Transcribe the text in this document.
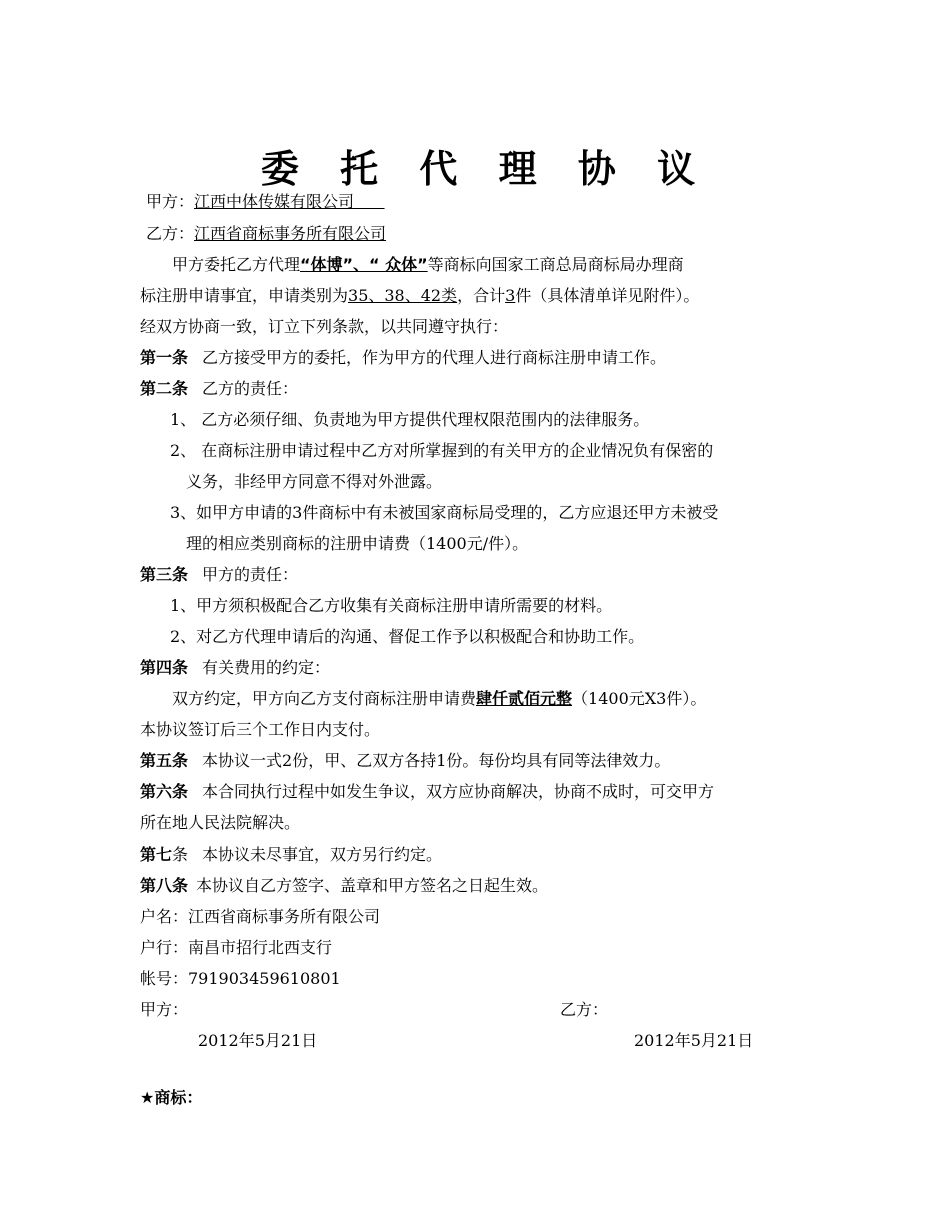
委 托 代 理 协 议
甲方：江西中体传媒有限公司
乙方：江西省商标事务所有限公司
甲方委托乙方代理“体博”、“ 众体”等商标向国家工商总局商标局办理商
标注册申请事宜，申请类别为35、38、42类，合计3件（具体清单详见附件）。
经双方协商一致，订立下列条款，以共同遵守执行：
第一条 乙方接受甲方的委托，作为甲方的代理人进行商标注册申请工作。
第二条 乙方的责任：
1、 乙方必须仔细、负责地为甲方提供代理权限范围内的法律服务。
2、 在商标注册申请过程中乙方对所掌握到的有关甲方的企业情况负有保密的
义务，非经甲方同意不得对外泄露。
3、如甲方申请的3件商标中有未被国家商标局受理的，乙方应退还甲方未被受
理的相应类别商标的注册申请费（1400元/件）。
第三条 甲方的责任：
1、甲方须积极配合乙方收集有关商标注册申请所需要的材料。
2、对乙方代理申请后的沟通、督促工作予以积极配合和协助工作。
第四条 有关费用的约定：
双方约定，甲方向乙方支付商标注册申请费肆仟贰佰元整（1400元X3件）。
本协议签订后三个工作日内支付。
第五条 本协议一式2份，甲、乙双方各持1份。每份均具有同等法律效力。
第六条 本合同执行过程中如发生争议，双方应协商解决，协商不成时，可交甲方
所在地人民法院解决。
第七条 本协议未尽事宜，双方另行约定。
第八条 本协议自乙方签字、盖章和甲方签名之日起生效。
户名：江西省商标事务所有限公司
户行：南昌市招行北西支行
帐号：791903459610801
甲方：	乙方：
2012年5月21日	2012年5月21日
★商标：
